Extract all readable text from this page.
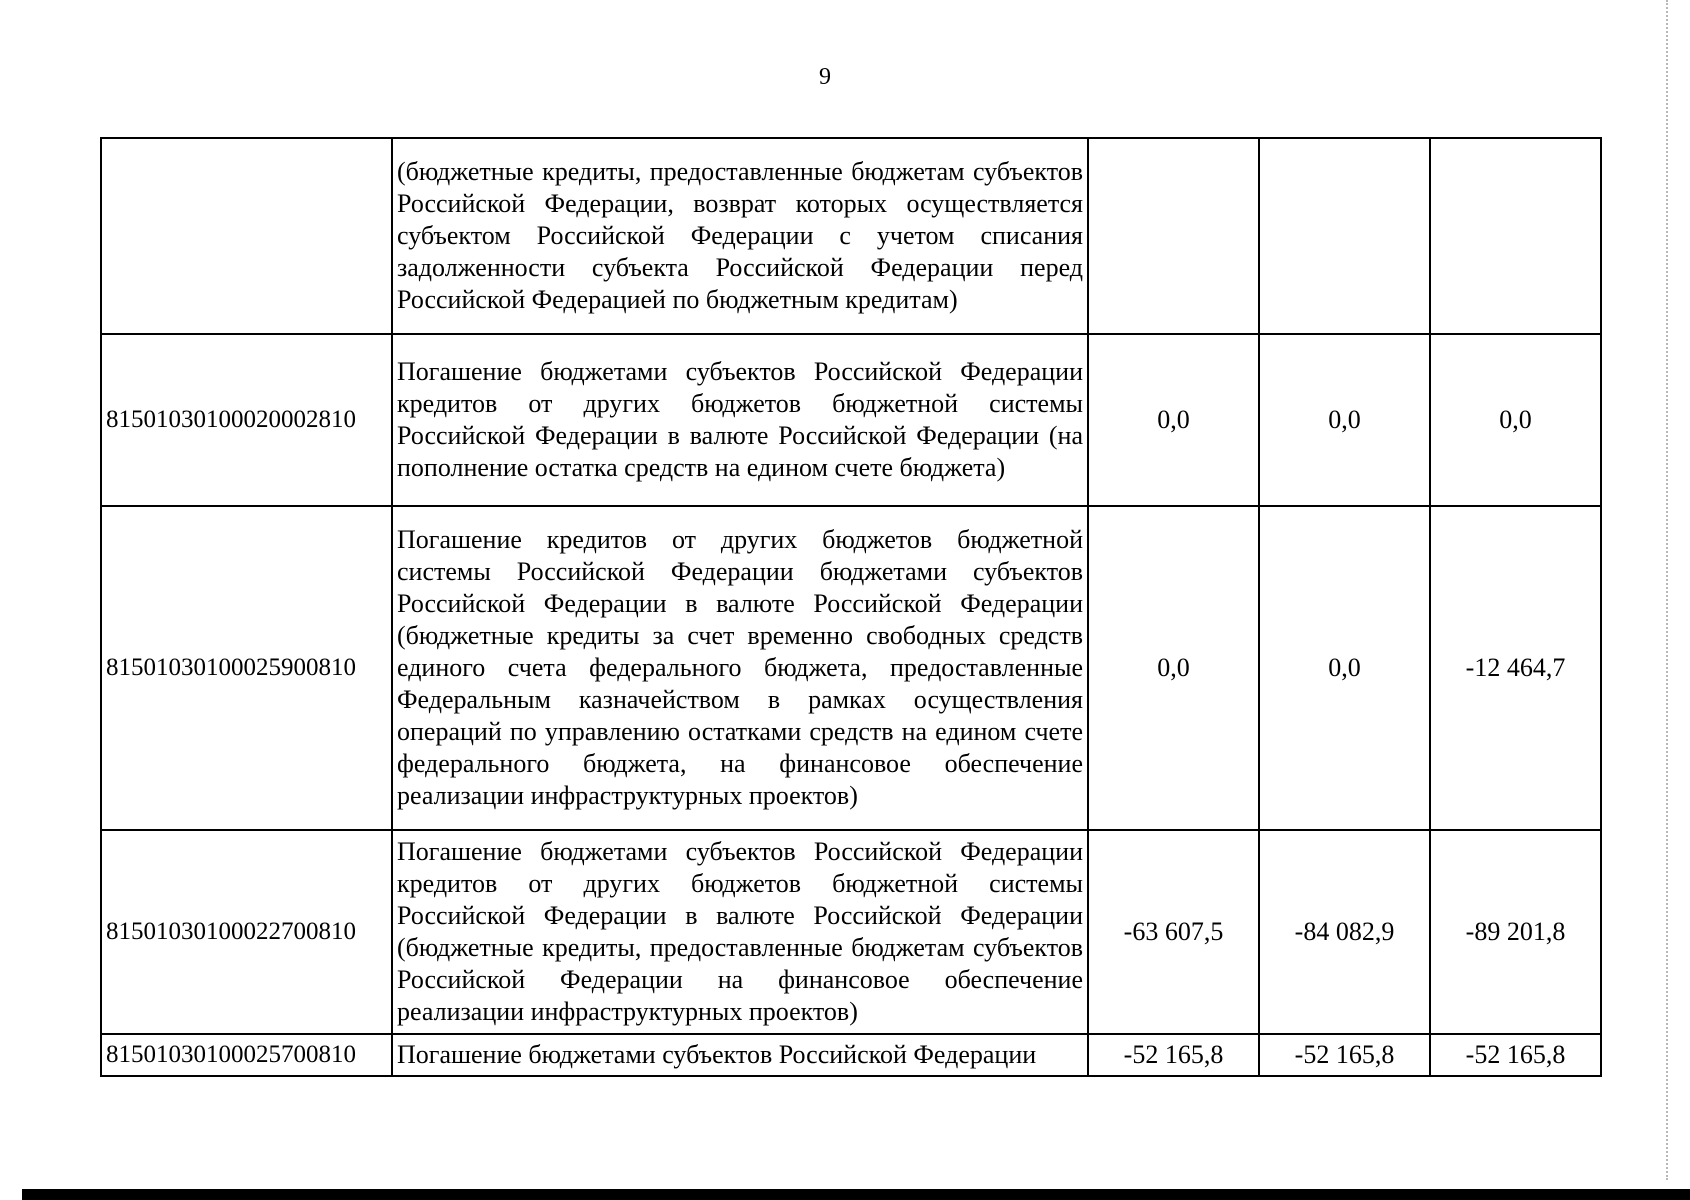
9
	(бюджетные кредиты, предоставленные бюджетам субъектов Российской Федерации, возврат которых осуществляется субъектом Российской Федерации с учетом списания задолженности субъекта Российской Федерации перед Российской Федерацией по бюджетным кредитам)			
81501030100020002810	Погашение бюджетами субъектов Российской Федерации кредитов от других бюджетов бюджетной системы Российской Федерации в валюте Российской Федерации (на пополнение остатка средств на едином счете бюджета)	0,0	0,0	0,0
81501030100025900810	Погашение кредитов от других бюджетов бюджетной системы Российской Федерации бюджетами субъектов Российской Федерации в валюте Российской Федерации (бюджетные кредиты за счет временно свободных средств единого счета федерального бюджета, предоставленные Федеральным казначейством в рамках осуществления операций по управлению остатками средств на едином счете федерального бюджета, на финансовое обеспечение реализации инфраструктурных проектов)	0,0	0,0	-12 464,7
81501030100022700810	Погашение бюджетами субъектов Российской Федерации кредитов от других бюджетов бюджетной системы Российской Федерации в валюте Российской Федерации (бюджетные кредиты, предоставленные бюджетам субъектов Российской Федерации на финансовое обеспечение реализации инфраструктурных проектов)	-63 607,5	-84 082,9	-89 201,8
81501030100025700810	Погашение бюджетами субъектов Российской Федерации	-52 165,8	-52 165,8	-52 165,8
